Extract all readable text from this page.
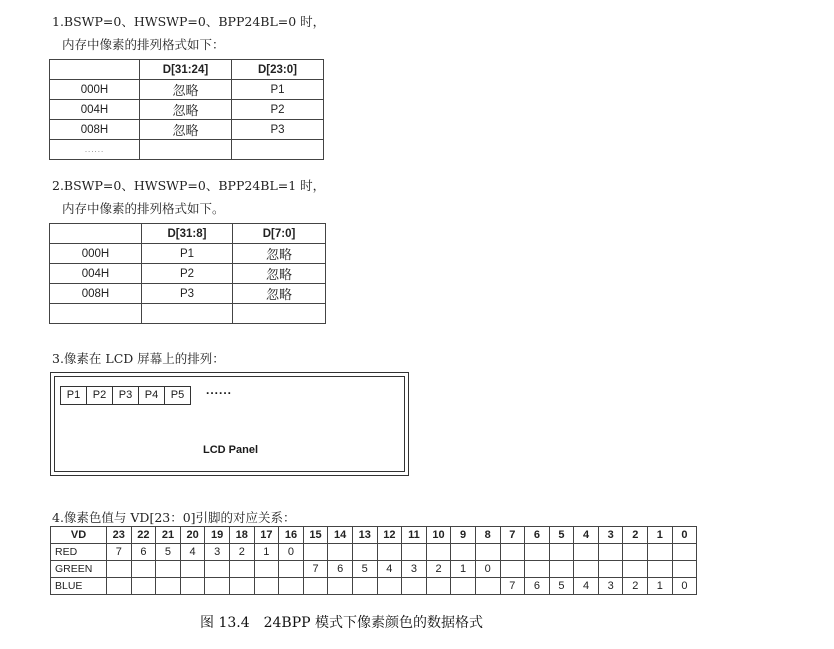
1.BSWP=0、HWSWP=0、BPP24BL=0 时，
内存中像素的排列格式如下：
	D[31:24]	D[23:0]
000H	忽略	P1
004H	忽略	P2
008H	忽略	P3
......		
2.BSWP=0、HWSWP=0、BPP24BL=1 时，
内存中像素的排列格式如下。
	D[31:8]	D[7:0]
000H	P1	忽略
004H	P2	忽略
008H	P3	忽略

3.像素在 LCD 屏幕上的排列：
P1	P2	P3	P4	P5	......
LCD Panel
4.像素色值与 VD[23：0]引脚的对应关系：
VD	23	22	21	20	19	18	17	16	15	14	13	12	11	10	9	8	7	6	5	4	3	2	1	0
RED	7	6	5	4	3	2	1	0																
GREEN									7	6	5	4	3	2	1	0								
BLUE																	7	6	5	4	3	2	1	0
图 13.4　24BPP 模式下像素颜色的数据格式
